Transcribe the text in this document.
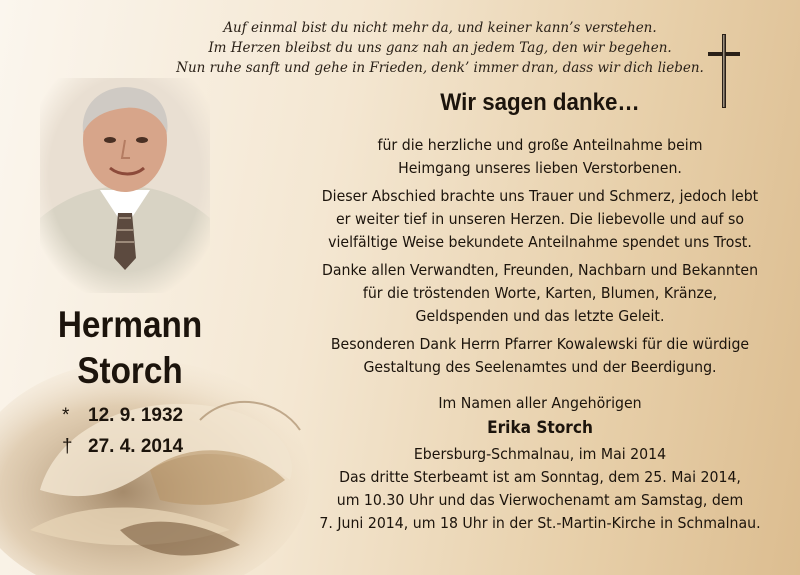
Auf einmal bist du nicht mehr da, und keiner kann’s verstehen.
Im Herzen bleibst du uns ganz nah an jedem Tag, den wir begehen.
Nun ruhe sanft und gehe in Frieden, denk’ immer dran, dass wir dich lieben.
Hermann
Storch
* 12. 9. 1932
† 27. 4. 2014
Wir sagen danke…
für die herzliche und große Anteilnahme beim
Heimgang unseres lieben Verstorbenen.
Dieser Abschied brachte uns Trauer und Schmerz, jedoch lebt
er weiter tief in unseren Herzen. Die liebevolle und auf so
vielfältige Weise bekundete Anteilnahme spendet uns Trost.
Danke allen Verwandten, Freunden, Nachbarn und Bekannten
für die tröstenden Worte, Karten, Blumen, Kränze,
Geldspenden und das letzte Geleit.
Besonderen Dank Herrn Pfarrer Kowalewski für die würdige
Gestaltung des Seelenamtes und der Beerdigung.
Im Namen aller Angehörigen
Erika Storch
Ebersburg-Schmalnau, im Mai 2014
Das dritte Sterbeamt ist am Sonntag, dem 25. Mai 2014,
um 10.30 Uhr und das Vierwochenamt am Samstag, dem
7. Juni 2014, um 18 Uhr in der St.-Martin-Kirche in Schmalnau.
